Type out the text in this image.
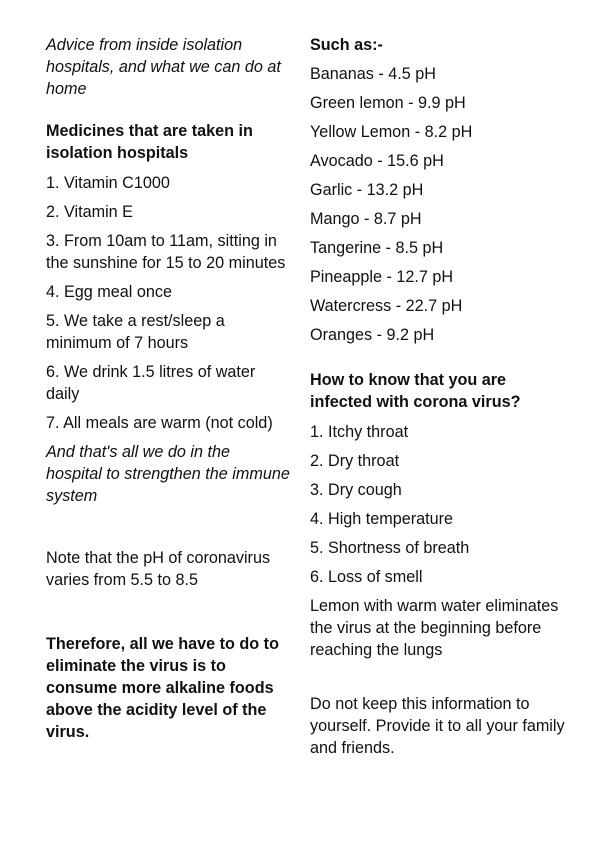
Advice from inside isolation hospitals, and what we can do at home

Medicines that are taken in isolation hospitals

1. Vitamin C1000
2. Vitamin E
3. From 10am to 11am, sitting in the sunshine for 15 to 20 minutes
4. Egg meal once
5. We take a rest/sleep a minimum of 7 hours
6. We drink 1.5 litres of water daily
7. All meals are warm (not cold)

And that's all we do in the hospital to strengthen the immune system

Note that the pH of coronavirus varies from 5.5 to 8.5

Therefore, all we have to do to eliminate the virus is to consume more alkaline foods above the acidity level of the virus.

Such as:-

Bananas - 4.5 pH
Green lemon - 9.9 pH
Yellow Lemon - 8.2 pH
Avocado - 15.6 pH
Garlic - 13.2 pH
Mango - 8.7 pH
Tangerine - 8.5 pH
Pineapple - 12.7 pH
Watercress - 22.7 pH
Oranges - 9.2 pH

How to know that you are infected with corona virus?

1. Itchy throat
2. Dry throat
3. Dry cough
4. High temperature
5. Shortness of breath
6. Loss of smell

Lemon with warm water eliminates the virus at the beginning before reaching the lungs

Do not keep this information to yourself. Provide it to all your family and friends.
